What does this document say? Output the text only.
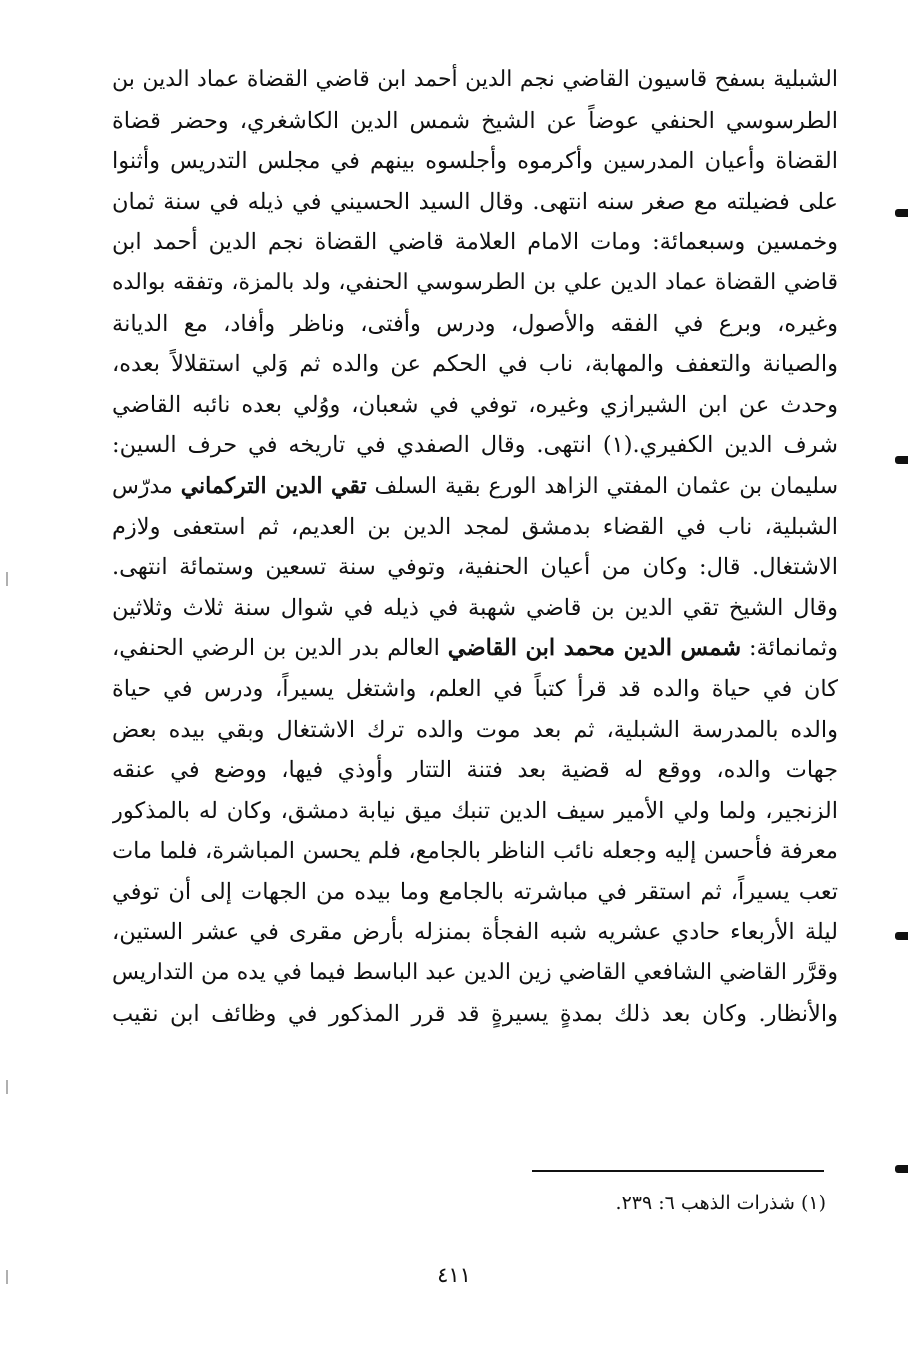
الشبلية بسفح قاسيون القاضي نجم الدين أحمد ابن قاضي القضاة عماد الدين بن
الطرسوسي الحنفي عوضاً عن الشيخ شمس الدين الكاشغري، وحضر قضاة
القضاة وأعيان المدرسين وأكرموه وأجلسوه بينهم في مجلس التدريس وأثنوا
على فضيلته مع صغر سنه انتهى. وقال السيد الحسيني في ذيله في سنة ثمان
وخمسين وسبعمائة: ومات الامام العلامة قاضي القضاة نجم الدين أحمد ابن
قاضي القضاة عماد الدين علي بن الطرسوسي الحنفي، ولد بالمزة، وتفقه بوالده
وغيره، وبرع في الفقه والأصول، ودرس وأفتى، وناظر وأفاد، مع الديانة
والصيانة والتعفف والمهابة، ناب في الحكم عن والده ثم وَلي استقلالاً بعده،
وحدث عن ابن الشيرازي وغيره، توفي في شعبان، ووُلي بعده نائبه القاضي
شرف الدين الكفيري.(١) انتهى. وقال الصفدي في تاريخه في حرف السين:
سليمان بن عثمان المفتي الزاهد الورع بقية السلف تقي الدين التركماني مدرّس
الشبلية، ناب في القضاء بدمشق لمجد الدين بن العديم، ثم استعفى ولازم
الاشتغال. قال: وكان من أعيان الحنفية، وتوفي سنة تسعين وستمائة انتهى.
وقال الشيخ تقي الدين بن قاضي شهبة في ذيله في شوال سنة ثلاث وثلاثين
وثمانمائة: شمس الدين محمد ابن القاضي العالم بدر الدين بن الرضي الحنفي،
كان في حياة والده قد قرأ كتباً في العلم، واشتغل يسيراً، ودرس في حياة
والده بالمدرسة الشبلية، ثم بعد موت والده ترك الاشتغال وبقي بيده بعض
جهات والده، ووقع له قضية بعد فتنة التتار وأوذي فيها، ووضع في عنقه
الزنجير، ولما ولي الأمير سيف الدين تنبك ميق نيابة دمشق، وكان له بالمذكور
معرفة فأحسن إليه وجعله نائب الناظر بالجامع، فلم يحسن المباشرة، فلما مات
تعب يسيراً، ثم استقر في مباشرته بالجامع وما بيده من الجهات إلى أن توفي
ليلة الأربعاء حادي عشريه شبه الفجأة بمنزله بأرض مقرى في عشر الستين،
وقرَّر القاضي الشافعي القاضي زين الدين عبد الباسط فيما في يده من التداريس
والأنظار. وكان بعد ذلك بمدةٍ يسيرةٍ قد قرر المذكور في وظائف ابن نقيب
(١) شذرات الذهب ٦: ٢٣٩.
٤١١
